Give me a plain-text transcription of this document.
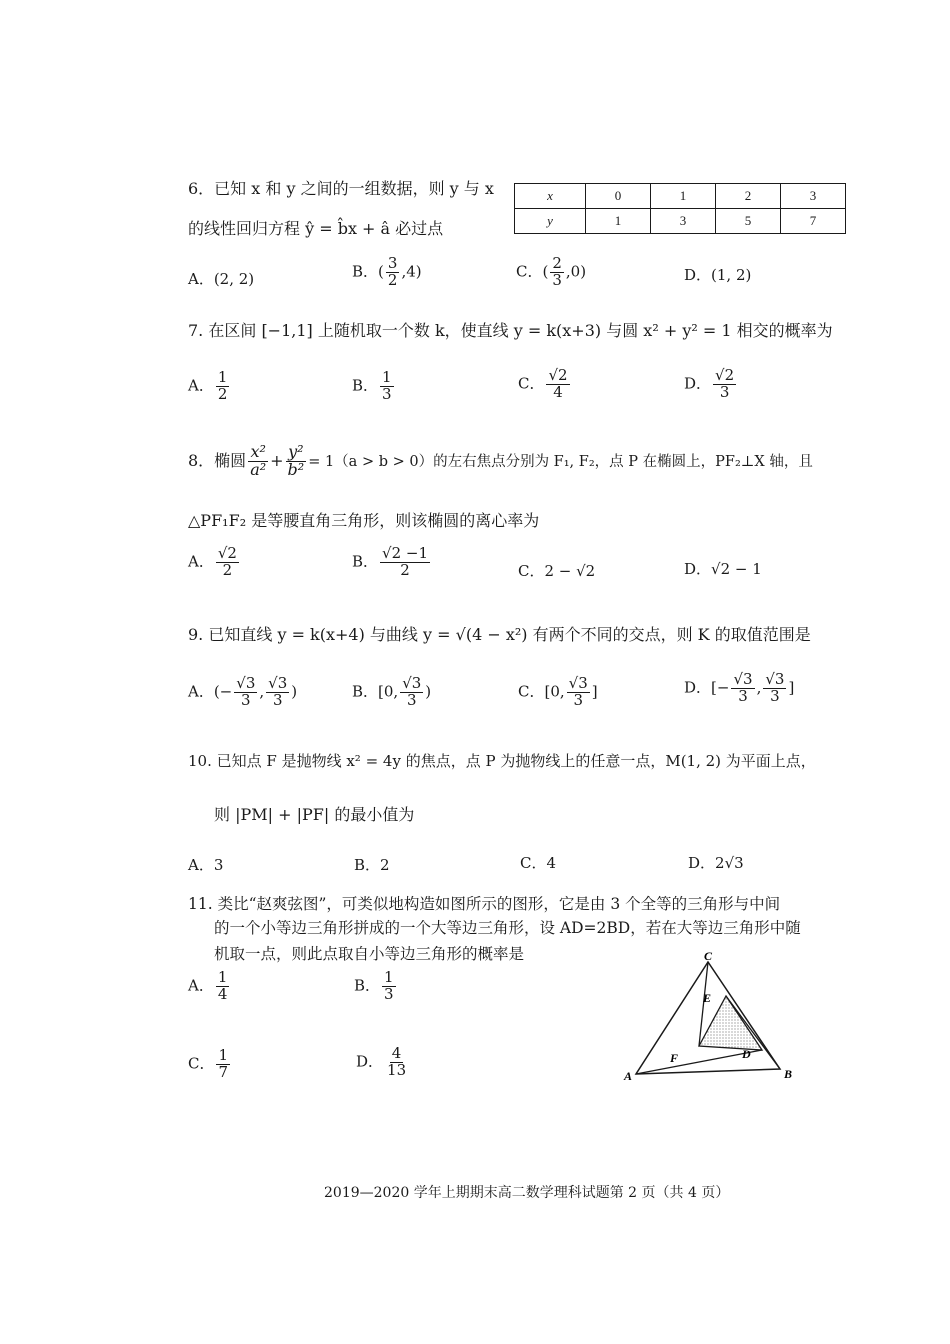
6．已知 x 和 y 之间的一组数据，则 y 与 x
的线性回归方程 ŷ = b̂x + â 必过点
x	0	1	2	3
y	1	3	5	7
A．(2, 2)	B．( $\frac{3}{2} ,4$)	C．( $\frac{2}{3} ,0$)	D．(1, 2)
7. 在区间 [−1,1] 上随机取一个数 k，使直线 y = k(x+3) 与圆 x² + y² = 1 相交的概率为
A． $\frac{1}{2}$	B． $\frac{1}{3}$	C． $\frac{√2}{4}$	D． $\frac{√2}{3}$
8．椭圆 $\frac{\text{x²}}{\text{a²}} + \frac{\text{y²}}{\text{b²}} = 1(a > b > 0)$的左右焦点分别为 F₁, F₂，点 P 在椭圆上，PF₂⊥X 轴，且
△PF₁F₂ 是等腰直角三角形，则该椭圆的离心率为
A． $\frac{√2}{2}$	B． $\frac{√2 -1}{2}$	C．2 − √2	D．√2 − 1
9. 已知直线 y = k(x+4) 与曲线 y = √(4 − x²) 有两个不同的交点，则 K 的取值范围是
A．(− $\frac{√3}{3}$ , $\frac{√3}{3}$ )	B．[0, $\frac{√3}{3}$ )	C．[0, $\frac{√3}{3}$ ]	D．[− $\frac{√3}{3}$ , $\frac{√3}{3}$ ]
10. 已知点 F 是抛物线 x² = 4y 的焦点，点 P 为抛物线上的任意一点，M(1, 2) 为平面上点，
则 |PM| + |PF| 的最小值为
A．3	B．2	C．4	D．2√3
11. 类比“赵爽弦图”，可类似地构造如图所示的图形，它是由 3 个全等的三角形与中间
的一个小等边三角形拼成的一个大等边三角形，设 AD=2BD，若在大等边三角形中随
机取一点，则此点取自小等边三角形的概率是
A． $\frac{1}{4}$	B． $\frac{1}{3}$
C． $\frac{1}{7}$	D． $\frac{4}{13}$	A	B
C
D
E
F
2019—2020 学年上期期末高二数学理科试题第 2 页（共 4 页）
